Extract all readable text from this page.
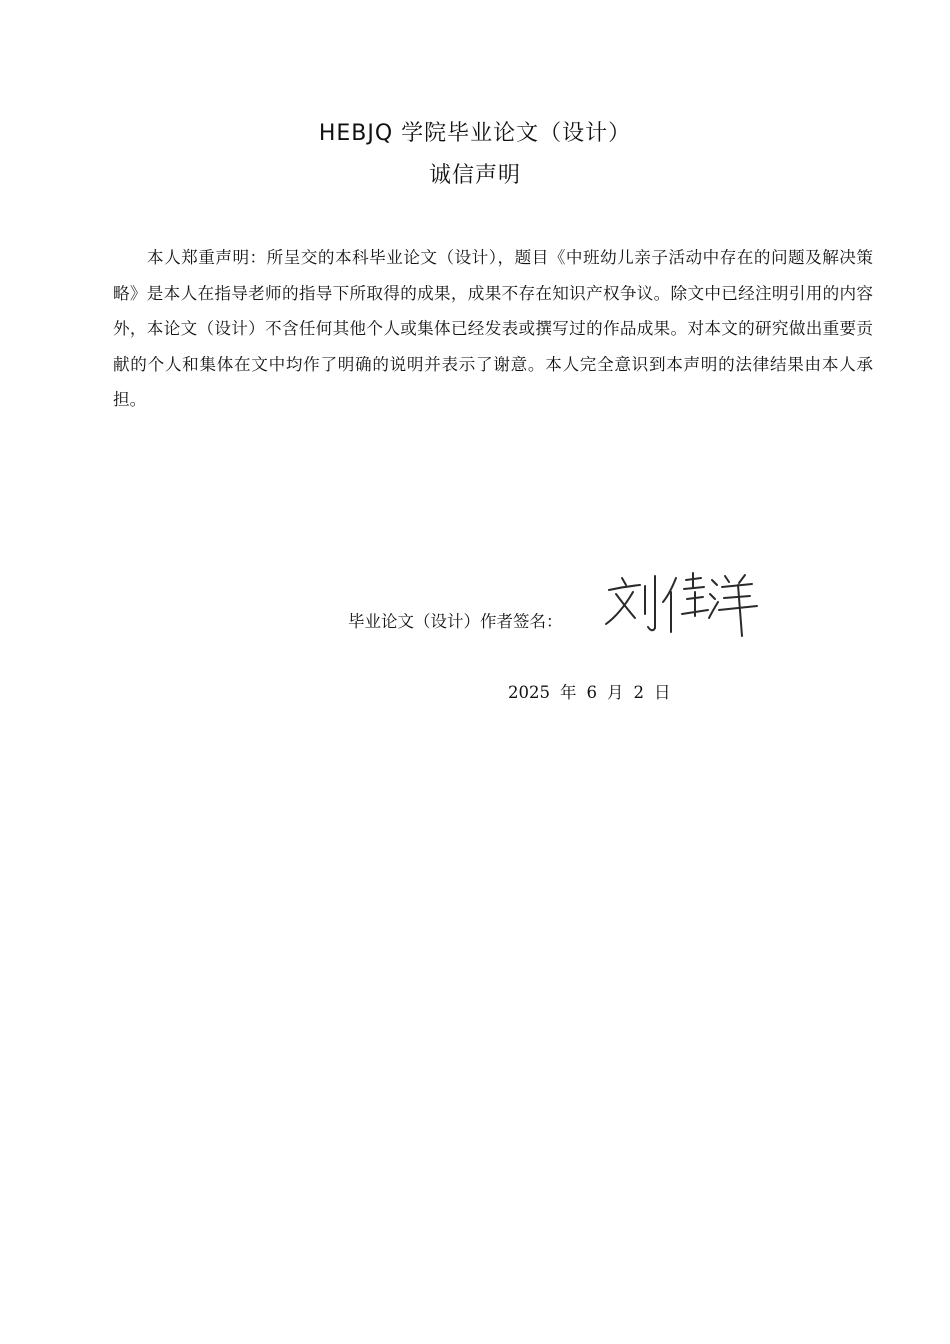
HEBJQ 学院毕业论文（设计）
诚信声明

本人郑重声明：所呈交的本科毕业论文（设计），题目《中班幼儿亲子活动中存在的问题及解决策略》是本人在指导老师的指导下所取得的成果，成果不存在知识产权争议。除文中已经注明引用的内容外，本论文（设计）不含任何其他个人或集体已经发表或撰写过的作品成果。对本文的研究做出重要贡献的个人和集体在文中均作了明确的说明并表示了谢意。本人完全意识到本声明的法律结果由本人承担。

毕业论文（设计）作者签名：
2025 年 6 月 2 日
